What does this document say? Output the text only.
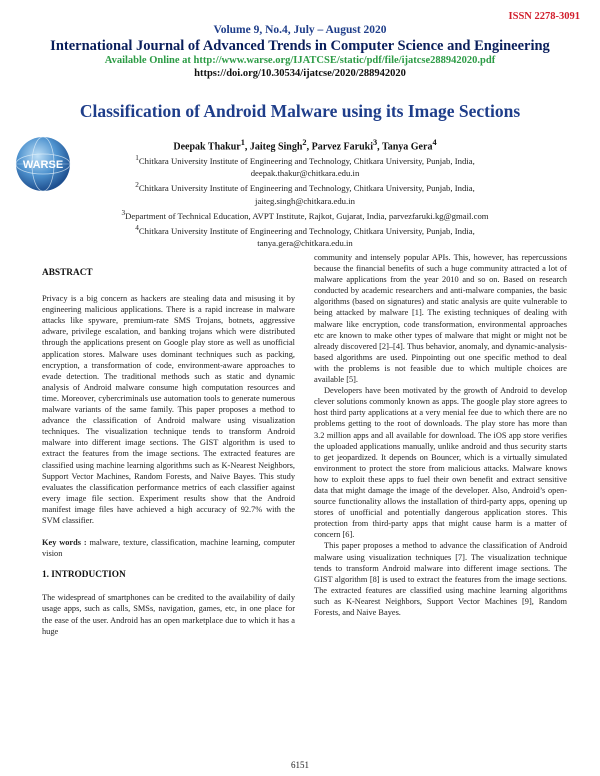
ISSN 2278-3091
Volume 9, No.4, July – August 2020
International Journal of Advanced Trends in Computer Science and Engineering
Available Online at http://www.warse.org/IJATCSE/static/pdf/file/ijatcse288942020.pdf
https://doi.org/10.30534/ijatcse/2020/288942020
Classification of Android Malware using its Image Sections
WARSE
Deepak Thakur$^1$, Jaiteg Singh$^2$, Parvez Faruki$^3$, Tanya Gera$^4$
$^1$Chitkara University Institute of Engineering and Technology, Chitkara University, Punjab, India,
deepak.thakur@chitkara.edu.in
$^2$Chitkara University Institute of Engineering and Technology, Chitkara University, Punjab, India,
jaiteg.singh@chitkara.edu.in
$^3$Department of Technical Education, AVPT Institute, Rajkot, Gujarat, India, parvezfaruki.kg@gmail.com
$^4$Chitkara University Institute of Engineering and Technology, Chitkara University, Punjab, India,
tanya.gera@chitkara.edu.in

ABSTRACT

Privacy is a big concern as hackers are stealing data and misusing it by engineering malicious applications. There is a rapid increase in malware attacks like spyware, premium-rate SMS Trojans, botnets, aggressive adware, privilege escalation, and banking trojans which were distributed through the applications present on Google play store as well as unofficial application stores. Malware uses dominant techniques such as packing, encryption, a transformation of code, environment-aware approaches to evade detection. The traditional methods such as static and dynamic analysis of Android malware consume high computation resources and time. Moreover, cybercriminals use automation tools to generate numerous malware variants of the same family. This paper proposes a method to advance the classification of Android malware using visualization techniques. The visualization technique tends to transform Android malware into different image sections. The GIST algorithm is used to extract the features from the image sections. The extracted features are classified using machine learning algorithms such as K-Nearest Neighbors, Support Vector Machines, Random Forests, and Naive Bayes. This study evaluates the classification performance metrics of each classifier against every image file section. Experiment results show that the Android manifest image files have achieved a high accuracy of 92.7% with the SVM classifier.

Key words : malware, texture, classification, machine learning, computer vision

1. INTRODUCTION

The widespread of smartphones can be credited to the availability of daily usage apps, such as calls, SMSs, navigation, games, etc, in one place for the ease of the user. Android has an open marketplace due to which it has a huge

community and intensely popular APIs. This, however, has repercussions because the financial benefits of such a huge community attracted a lot of malware applications from the year 2010 and so on. Based on research conducted by academic researchers and anti-malware companies, the basic algorithms (based on signatures) and static analysis are quite vulnerable to being attacked by malware [1]. The existing techniques of dealing with malware like encryption, code transformation, environmental approaches etc are known to make other types of malware that might or might not be already discovered [2]–[4]. Thus behavior, anomaly, and dynamic-analysis-based algorithms are used. Pinpointing out one specific method to deal with the problems is not feasible due to which multiple choices are available [5].

Developers have been motivated by the growth of Android to develop clever solutions commonly known as apps. The google play store agrees to host third party applications at a very menial fee due to which there are no problems getting to the root of downloads. The play store has more than 3.2 million apps and all available for download. The iOS app store verifies the uploaded applications manually, unlike android and thus security starts to get jeopardized. It depends on Bouncer, which is a virtually simulated environment to protect the store from malicious attacks. Malware knows how to exploit these apps to fuel their own benefit and extract sensitive data that might damage the image of the developer. Also, Android’s open-source functionality allows the installation of third-party apps, opening up stores of unofficial and potentially dangerous application stores. This protection from third-party apps that might cause harm is a matter of concern [6].

This paper proposes a method to advance the classification of Android malware using visualization techniques [7]. The visualization technique tends to transform Android malware into different image sections. The GIST algorithm [8] is used to extract the features from the image sections. The extracted features are classified using machine learning algorithms such as K-Nearest Neighbors, Support Vector Machines [9], Random Forests, and Naive Bayes.

6151
